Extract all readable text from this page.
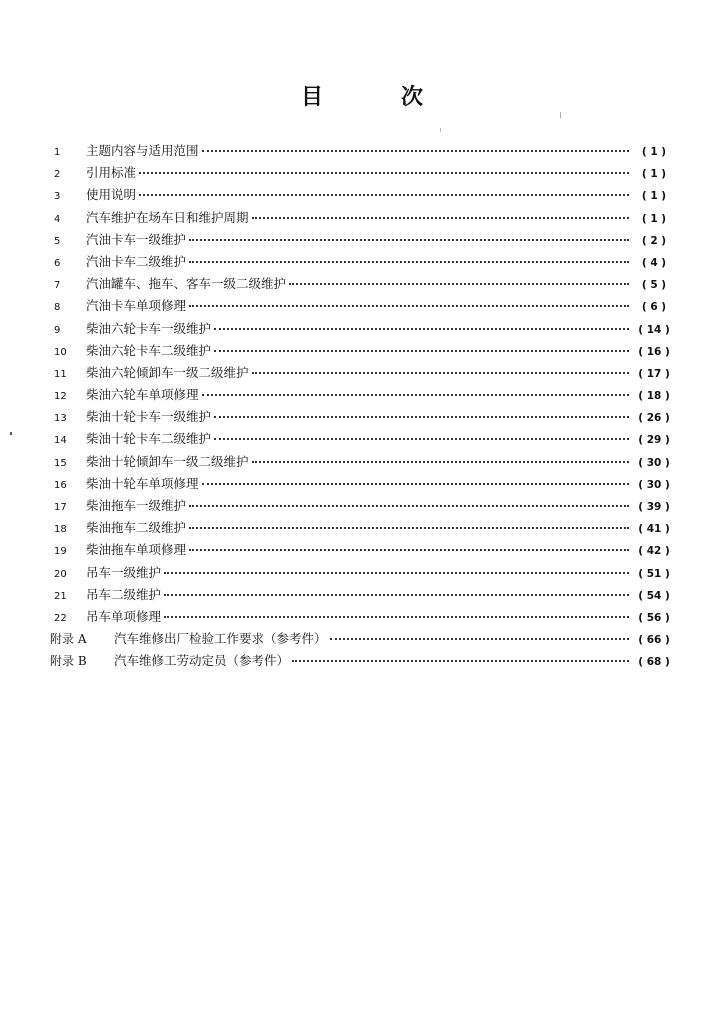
目　次
1	主题内容与适用范围	( 1 )
2	引用标准	( 1 )
3	使用说明	( 1 )
4	汽车维护在场车日和维护周期	( 1 )
5	汽油卡车一级维护	( 2 )
6	汽油卡车二级维护	( 4 )
7	汽油罐车、拖车、客车一级二级维护	( 5 )
8	汽油卡车单项修理	( 6 )
9	柴油六轮卡车一级维护	( 14 )
10	柴油六轮卡车二级维护	( 16 )
11	柴油六轮倾卸车一级二级维护	( 17 )
12	柴油六轮车单项修理	( 18 )
13	柴油十轮卡车一级维护	( 26 )
14	柴油十轮卡车二级维护	( 29 )
15	柴油十轮倾卸车一级二级维护	( 30 )
16	柴油十轮车单项修理	( 30 )
17	柴油拖车一级维护	( 39 )
18	柴油拖车二级维护	( 41 )
19	柴油拖车单项修理	( 42 )
20	吊车一级维护	( 51 )
21	吊车二级维护	( 54 )
22	吊车单项修理	( 56 )
附录 A	汽车维修出厂检验工作要求（参考件）	( 66 )
附录 B	汽车维修工劳动定员（参考件）	( 68 )
